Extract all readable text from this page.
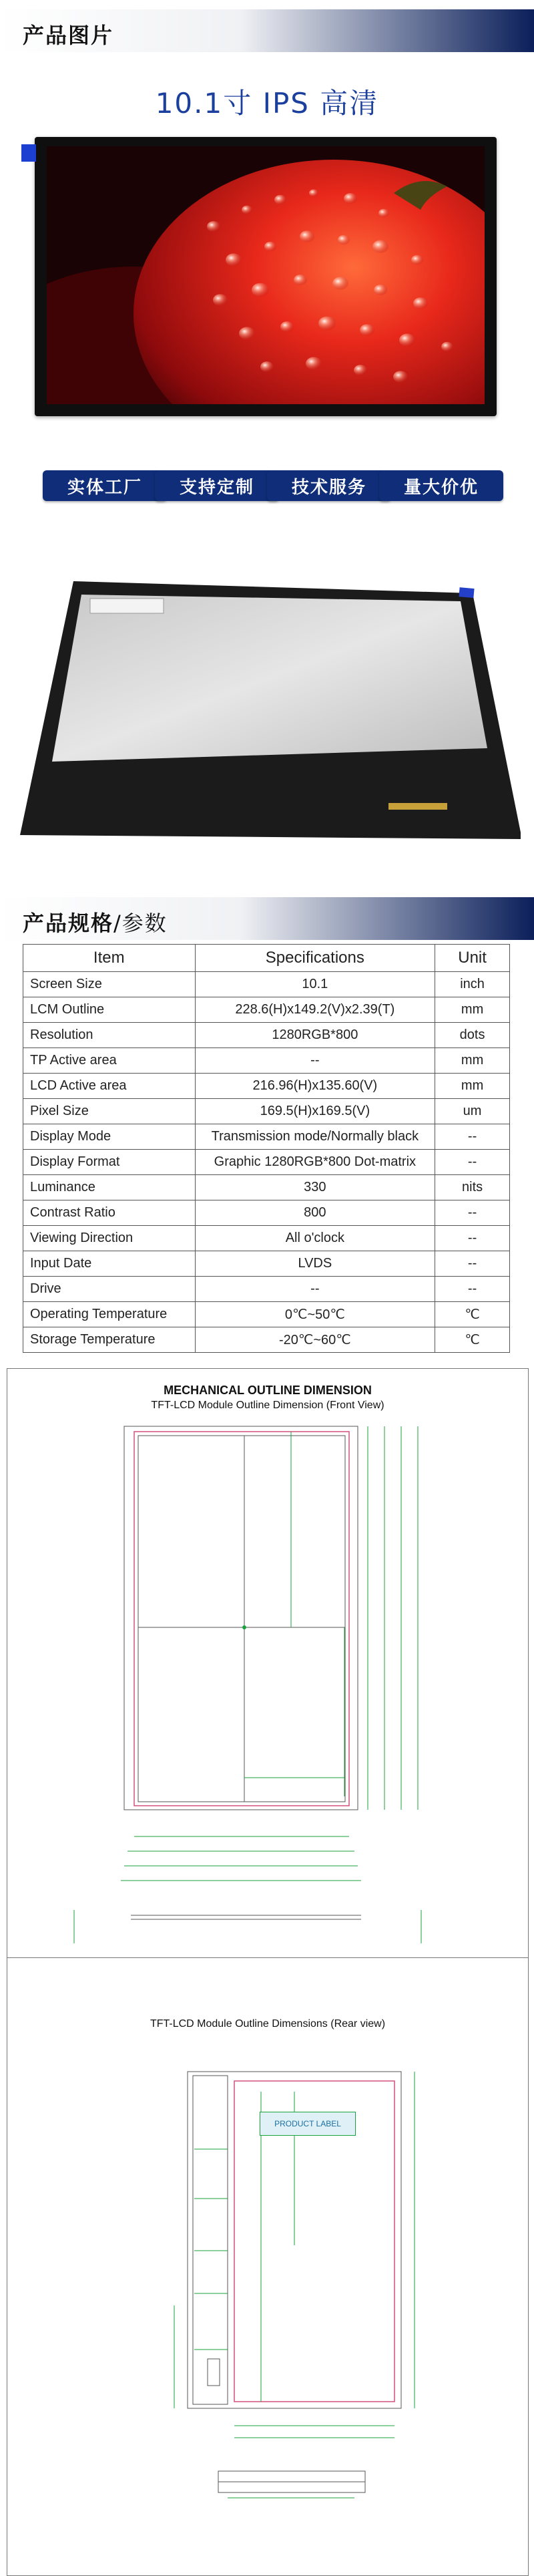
产品图片
10.1寸 IPS 高清
实体工厂	支持定制	技术服务	量大价优
产品规格/参数
Item	Specifications	Unit
Screen Size	10.1	inch
LCM Outline	228.6(H)x149.2(V)x2.39(T)	mm
Resolution	1280RGB*800	dots
TP Active area	--	mm
LCD Active area	216.96(H)x135.60(V)	mm
Pixel Size	169.5(H)x169.5(V)	um
Display Mode	Transmission mode/Normally black	--
Display Format	Graphic 1280RGB*800 Dot-matrix	--
Luminance	330	nits
Contrast Ratio	800	--
Viewing Direction	All o'clock	--
Input Date	LVDS	--
Drive	--	--
Operating Temperature	0℃~50℃	℃
Storage Temperature	-20℃~60℃	℃
MECHANICAL OUTLINE DIMENSION
TFT-LCD Module Outline Dimension (Front View)
TFT-LCD Module Outline Dimensions (Rear view)
PRODUCT LABEL
